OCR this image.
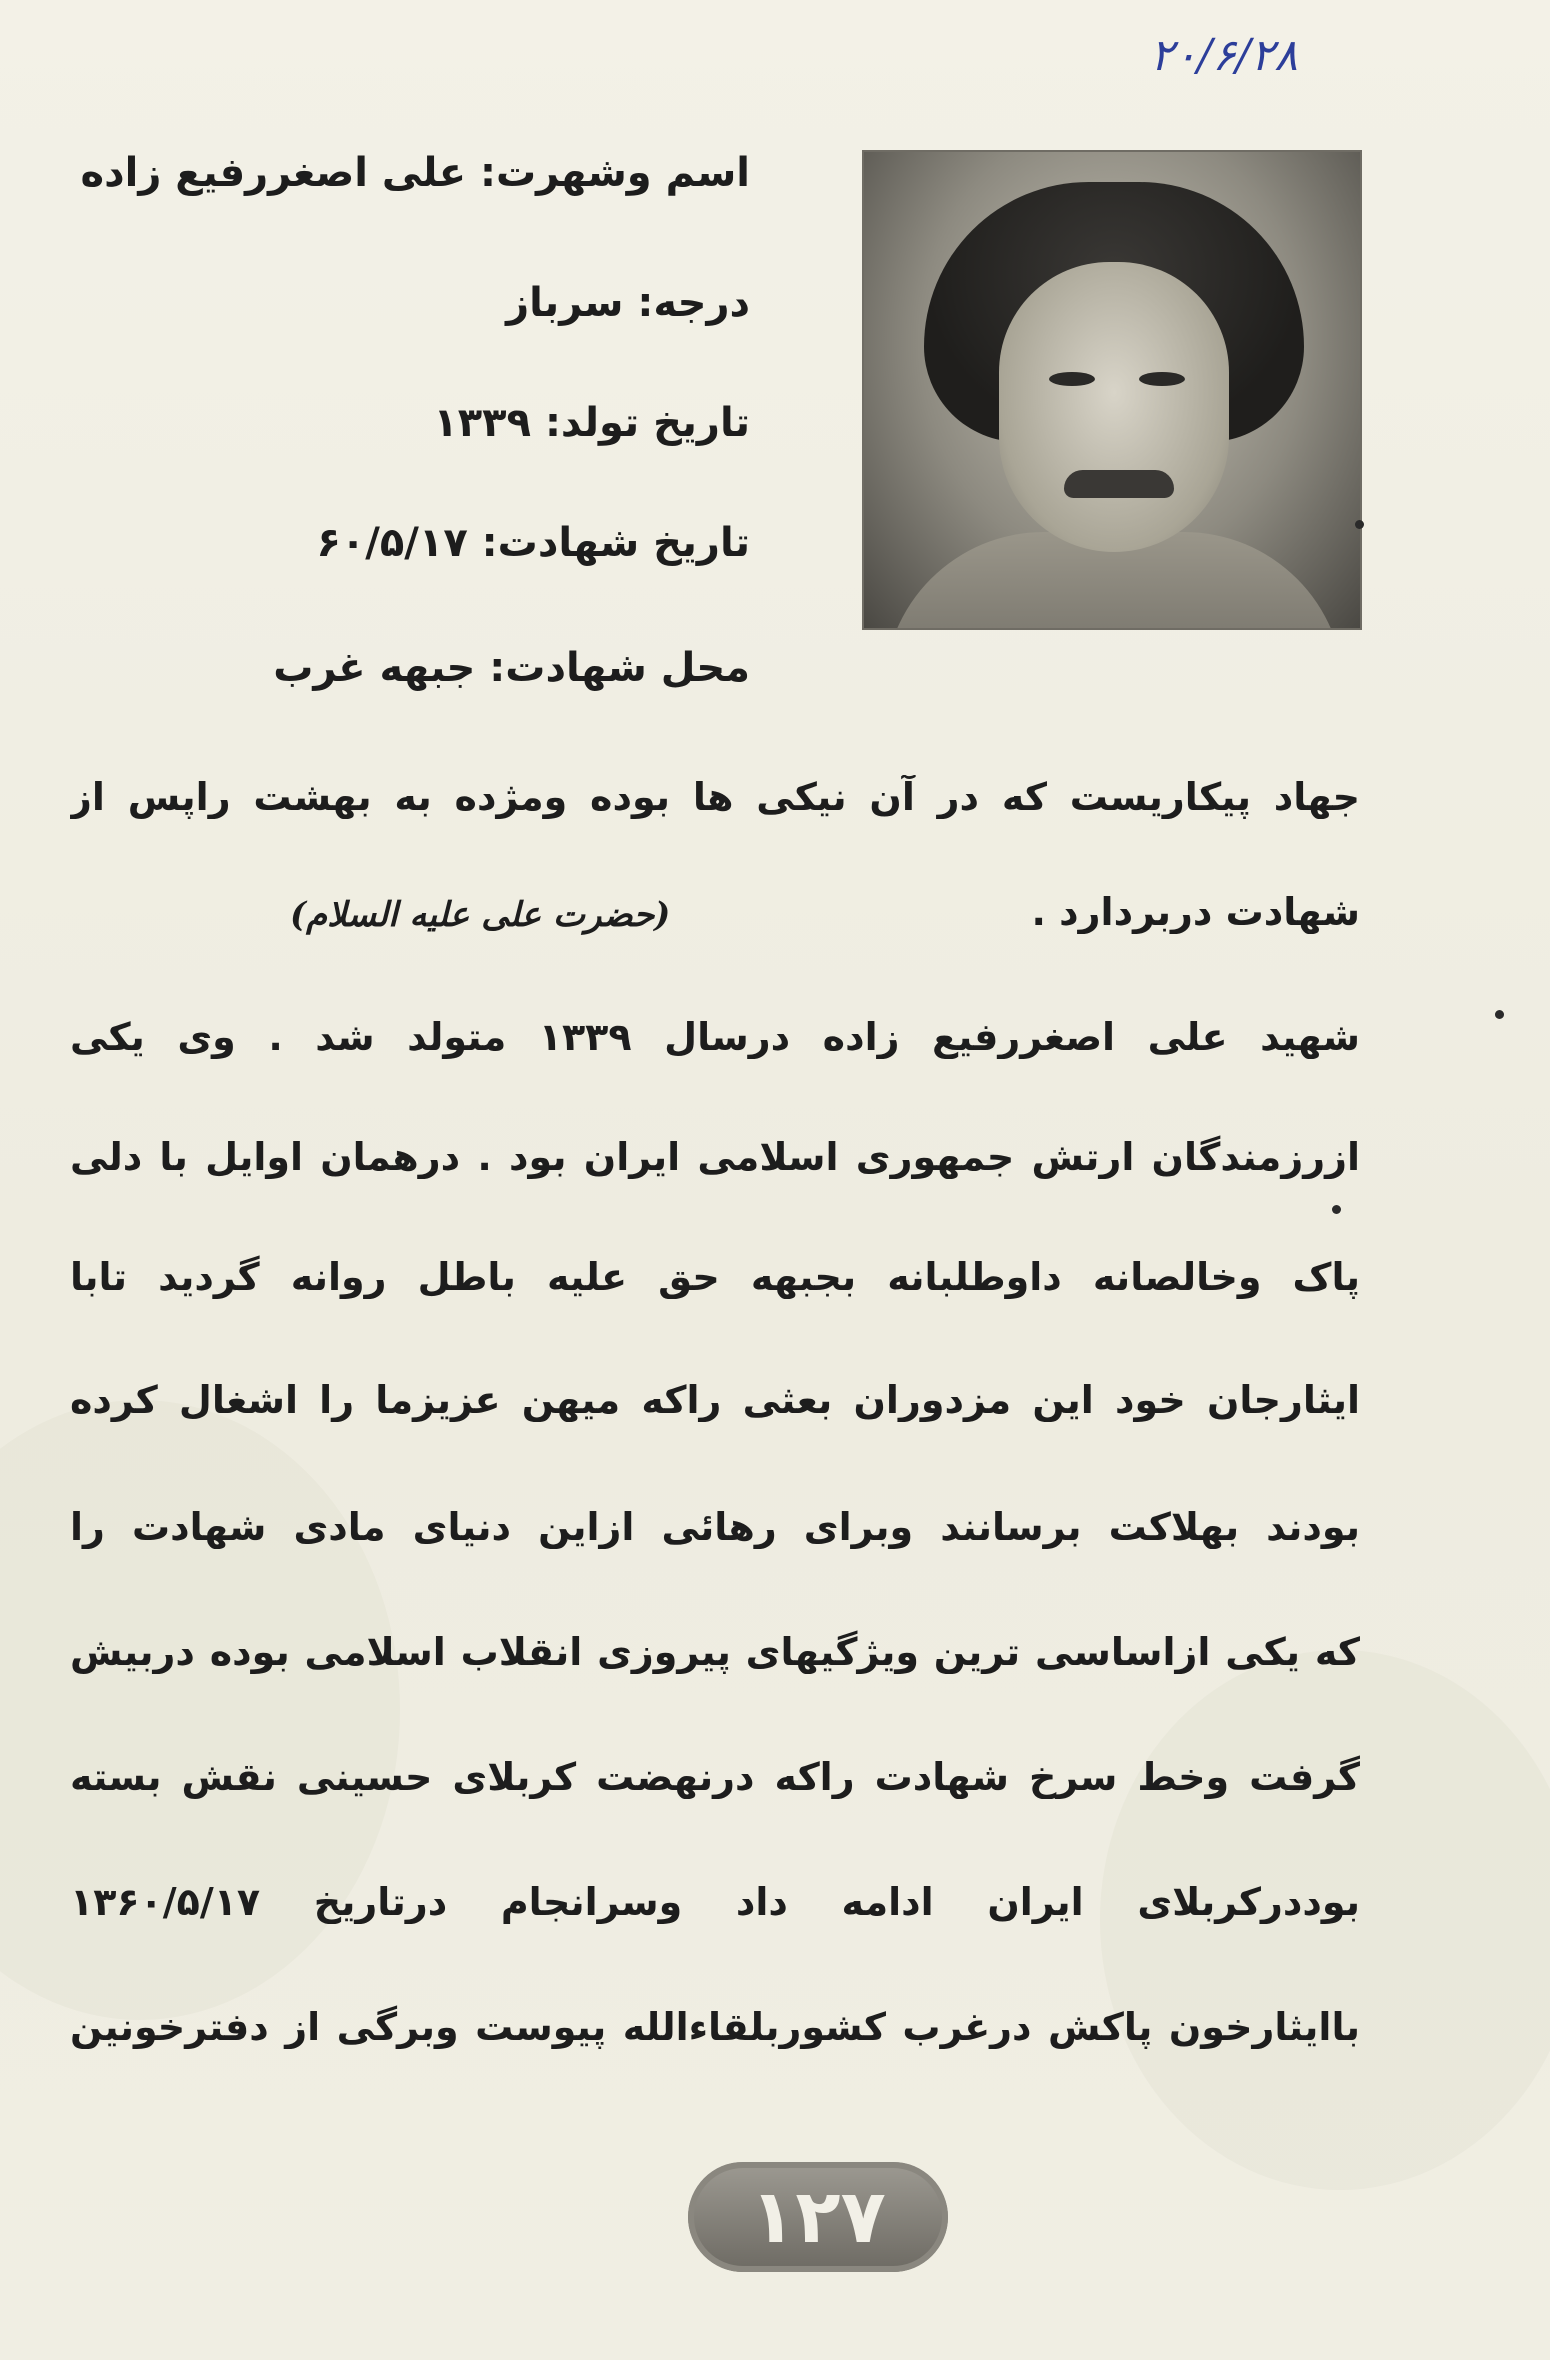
۲۰/۶/۲۸
اسم وشهرت: علی اصغررفیع زاده
درجه: سرباز
تاریخ تولد: ۱۳۳۹
تاریخ شهادت: ۶۰/۵/۱۷
محل شهادت: جبهه غرب
جهاد پیکاریست که در آن نیکی ها بوده ومژده به بهشت راپس از
شهادت دربردارد .
(حضرت علی علیه السلام)
شهید علی اصغررفیع زاده درسال ۱۳۳۹ متولد شد . وی یکی
ازرزمندگان ارتش جمهوری اسلامی ایران بود . درهمان اوایل با دلی
پاک وخالصانه داوطلبانه بجبهه حق علیه باطل روانه گردید تابا
ایثارجان خود این مزدوران بعثی راکه میهن عزیزما را اشغال کرده
بودند بهلاکت برسانند وبرای رهائی ازاین دنیای مادی شهادت را
که یکی ازاساسی ترین ویژگیهای پیروزی انقلاب اسلامی بوده دربیش
گرفت وخط سرخ شهادت راکه درنهضت کربلای حسینی نقش بسته
بوددرکربلای ایران ادامه داد وسرانجام درتاریخ ۱۳۶۰/۵/۱۷
باایثارخون پاکش درغرب کشوربلقاءالله پیوست وبرگی از دفترخونین
۱۲۷
